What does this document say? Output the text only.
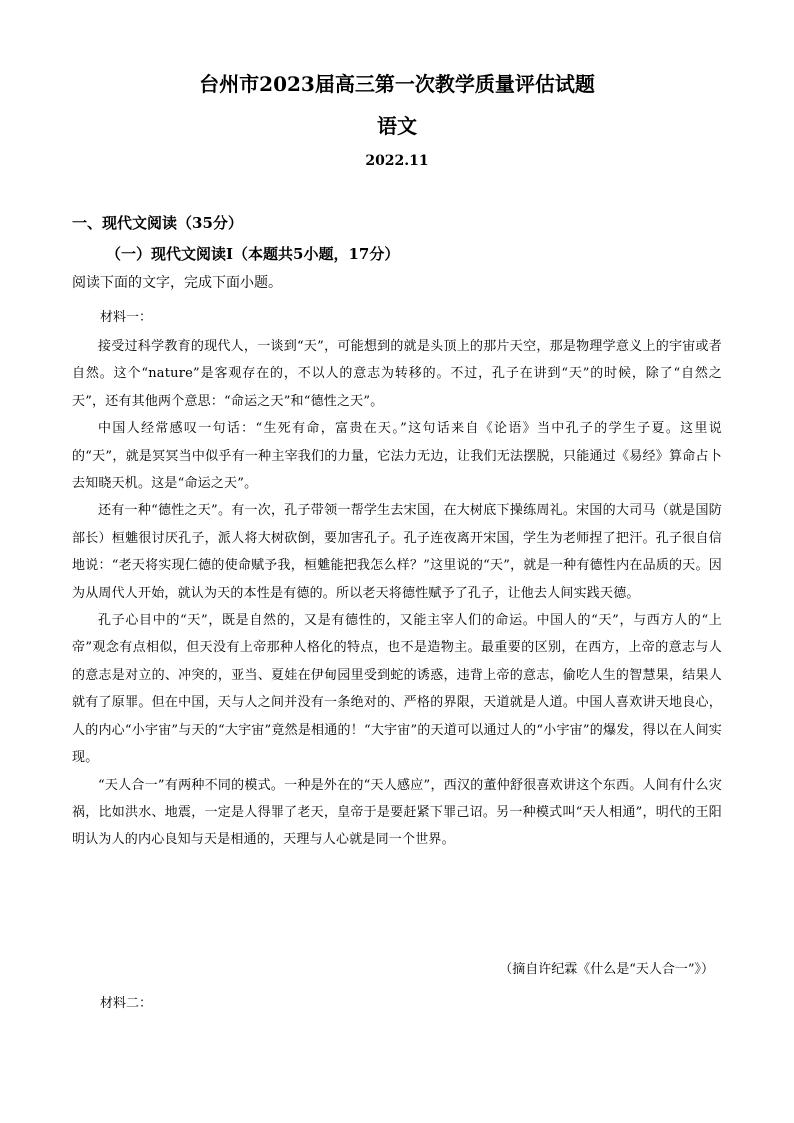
台州市2023届高三第一次教学质量评估试题
语文
2022.11
一、现代文阅读（35分）
（一）现代文阅读Ⅰ（本题共5小题，17分）
阅读下面的文字，完成下面小题。
材料一：

接受过科学教育的现代人，一谈到“天”，可能想到的就是头顶上的那片天空，那是物理学意义上的宇宙或者自然。这个“nature”是客观存在的，不以人的意志为转移的。不过，孔子在讲到“天”的时候，除了“自然之天”，还有其他两个意思：“命运之天”和“德性之天”。

中国人经常感叹一句话：“生死有命，富贵在天。”这句话来自《论语》当中孔子的学生子夏。这里说的“天”，就是冥冥当中似乎有一种主宰我们的力量，它法力无边，让我们无法摆脱，只能通过《易经》算命占卜去知晓天机。这是“命运之天”。

还有一种“德性之天”。有一次，孔子带领一帮学生去宋国，在大树底下操练周礼。宋国的大司马（就是国防部长）桓魋很讨厌孔子，派人将大树砍倒，要加害孔子。孔子连夜离开宋国，学生为老师捏了把汗。孔子很自信地说：“老天将实现仁德的使命赋予我，桓魋能把我怎么样？”这里说的“天”，就是一种有德性内在品质的天。因为从周代人开始，就认为天的本性是有德的。所以老天将德性赋予了孔子，让他去人间实践天德。

孔子心目中的“天”，既是自然的，又是有德性的，又能主宰人们的命运。中国人的“天”，与西方人的“上帝”观念有点相似，但天没有上帝那种人格化的特点，也不是造物主。最重要的区别，在西方，上帝的意志与人的意志是对立的、冲突的，亚当、夏娃在伊甸园里受到蛇的诱惑，违背上帝的意志，偷吃人生的智慧果，结果人就有了原罪。但在中国，天与人之间并没有一条绝对的、严格的界限，天道就是人道。中国人喜欢讲天地良心，人的内心“小宇宙”与天的“大宇宙”竟然是相通的！“大宇宙”的天道可以通过人的“小宇宙”的爆发，得以在人间实现。

“天人合一”有两种不同的模式。一种是外在的“天人感应”，西汉的董仲舒很喜欢讲这个东西。人间有什么灾祸，比如洪水、地震，一定是人得罪了老天，皇帝于是要赶紧下罪己诏。另一种模式叫“天人相通”，明代的王阳明认为人的内心良知与天是相通的，天理与人心就是同一个世界。

（摘自许纪霖《什么是“天人合一”》）
材料二：
